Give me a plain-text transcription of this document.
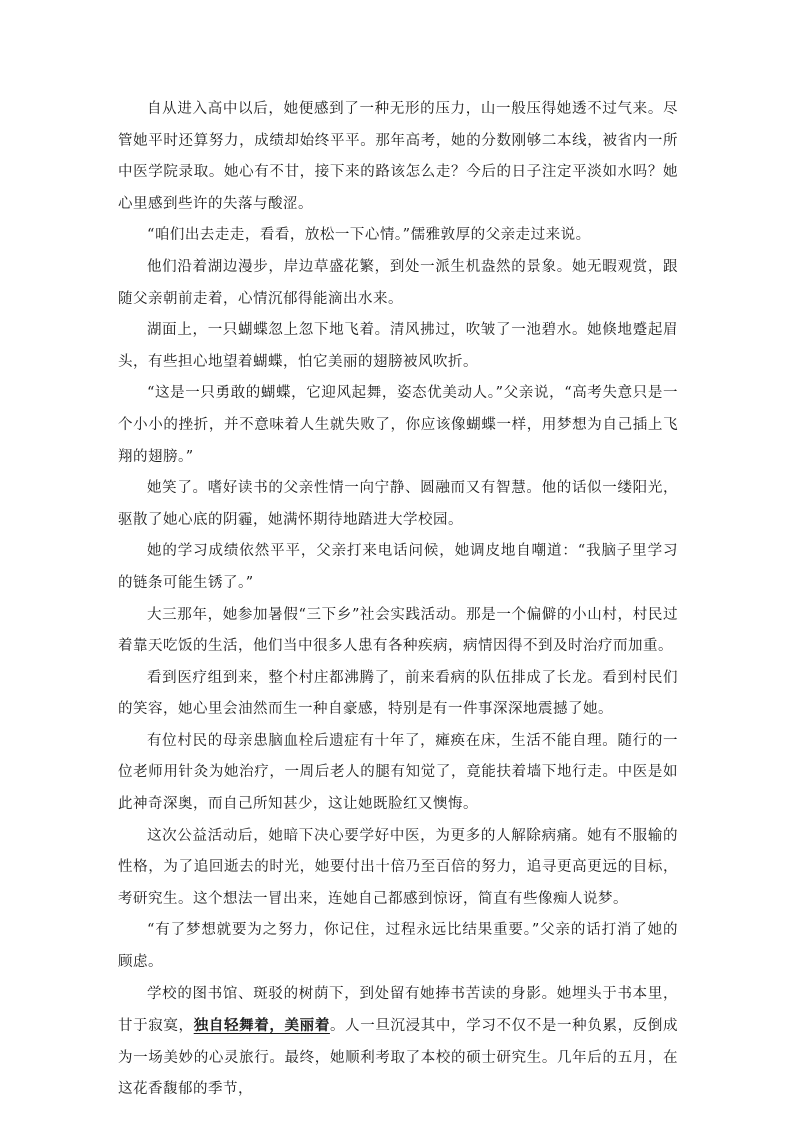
自从进入高中以后，她便感到了一种无形的压力，山一般压得她透不过气来。尽管她平时还算努力，成绩却始终平平。那年高考，她的分数刚够二本线，被省内一所中医学院录取。她心有不甘，接下来的路该怎么走？今后的日子注定平淡如水吗？她心里感到些许的失落与酸涩。

“咱们出去走走，看看，放松一下心情。”儒雅敦厚的父亲走过来说。

他们沿着湖边漫步，岸边草盛花繁，到处一派生机盎然的景象。她无暇观赏，跟随父亲朝前走着，心情沉郁得能滴出水来。

湖面上，一只蝴蝶忽上忽下地飞着。清风拂过，吹皱了一池碧水。她倏地蹙起眉头，有些担心地望着蝴蝶，怕它美丽的翅膀被风吹折。

“这是一只勇敢的蝴蝶，它迎风起舞，姿态优美动人。”父亲说，“高考失意只是一个小小的挫折，并不意味着人生就失败了，你应该像蝴蝶一样，用梦想为自己插上飞翔的翅膀。”

她笑了。嗜好读书的父亲性情一向宁静、圆融而又有智慧。他的话似一缕阳光，驱散了她心底的阴霾，她满怀期待地踏进大学校园。

她的学习成绩依然平平，父亲打来电话问候，她调皮地自嘲道：“我脑子里学习的链条可能生锈了。”

大三那年，她参加暑假“三下乡”社会实践活动。那是一个偏僻的小山村，村民过着靠天吃饭的生活，他们当中很多人患有各种疾病，病情因得不到及时治疗而加重。

看到医疗组到来，整个村庄都沸腾了，前来看病的队伍排成了长龙。看到村民们的笑容，她心里会油然而生一种自豪感，特别是有一件事深深地震撼了她。

有位村民的母亲患脑血栓后遗症有十年了，瘫痪在床，生活不能自理。随行的一位老师用针灸为她治疗，一周后老人的腿有知觉了，竟能扶着墙下地行走。中医是如此神奇深奥，而自己所知甚少，这让她既脸红又懊悔。

这次公益活动后，她暗下决心要学好中医，为更多的人解除病痛。她有不服输的性格，为了追回逝去的时光，她要付出十倍乃至百倍的努力，追寻更高更远的目标，考研究生。这个想法一冒出来，连她自己都感到惊讶，简直有些像痴人说梦。

“有了梦想就要为之努力，你记住，过程永远比结果重要。”父亲的话打消了她的顾虑。

学校的图书馆、斑驳的树荫下，到处留有她捧书苦读的身影。她埋头于书本里，甘于寂寞，独自轻舞着，美丽着。人一旦沉浸其中，学习不仅不是一种负累，反倒成为一场美妙的心灵旅行。最终，她顺利考取了本校的硕士研究生。几年后的五月，在这花香馥郁的季节，
